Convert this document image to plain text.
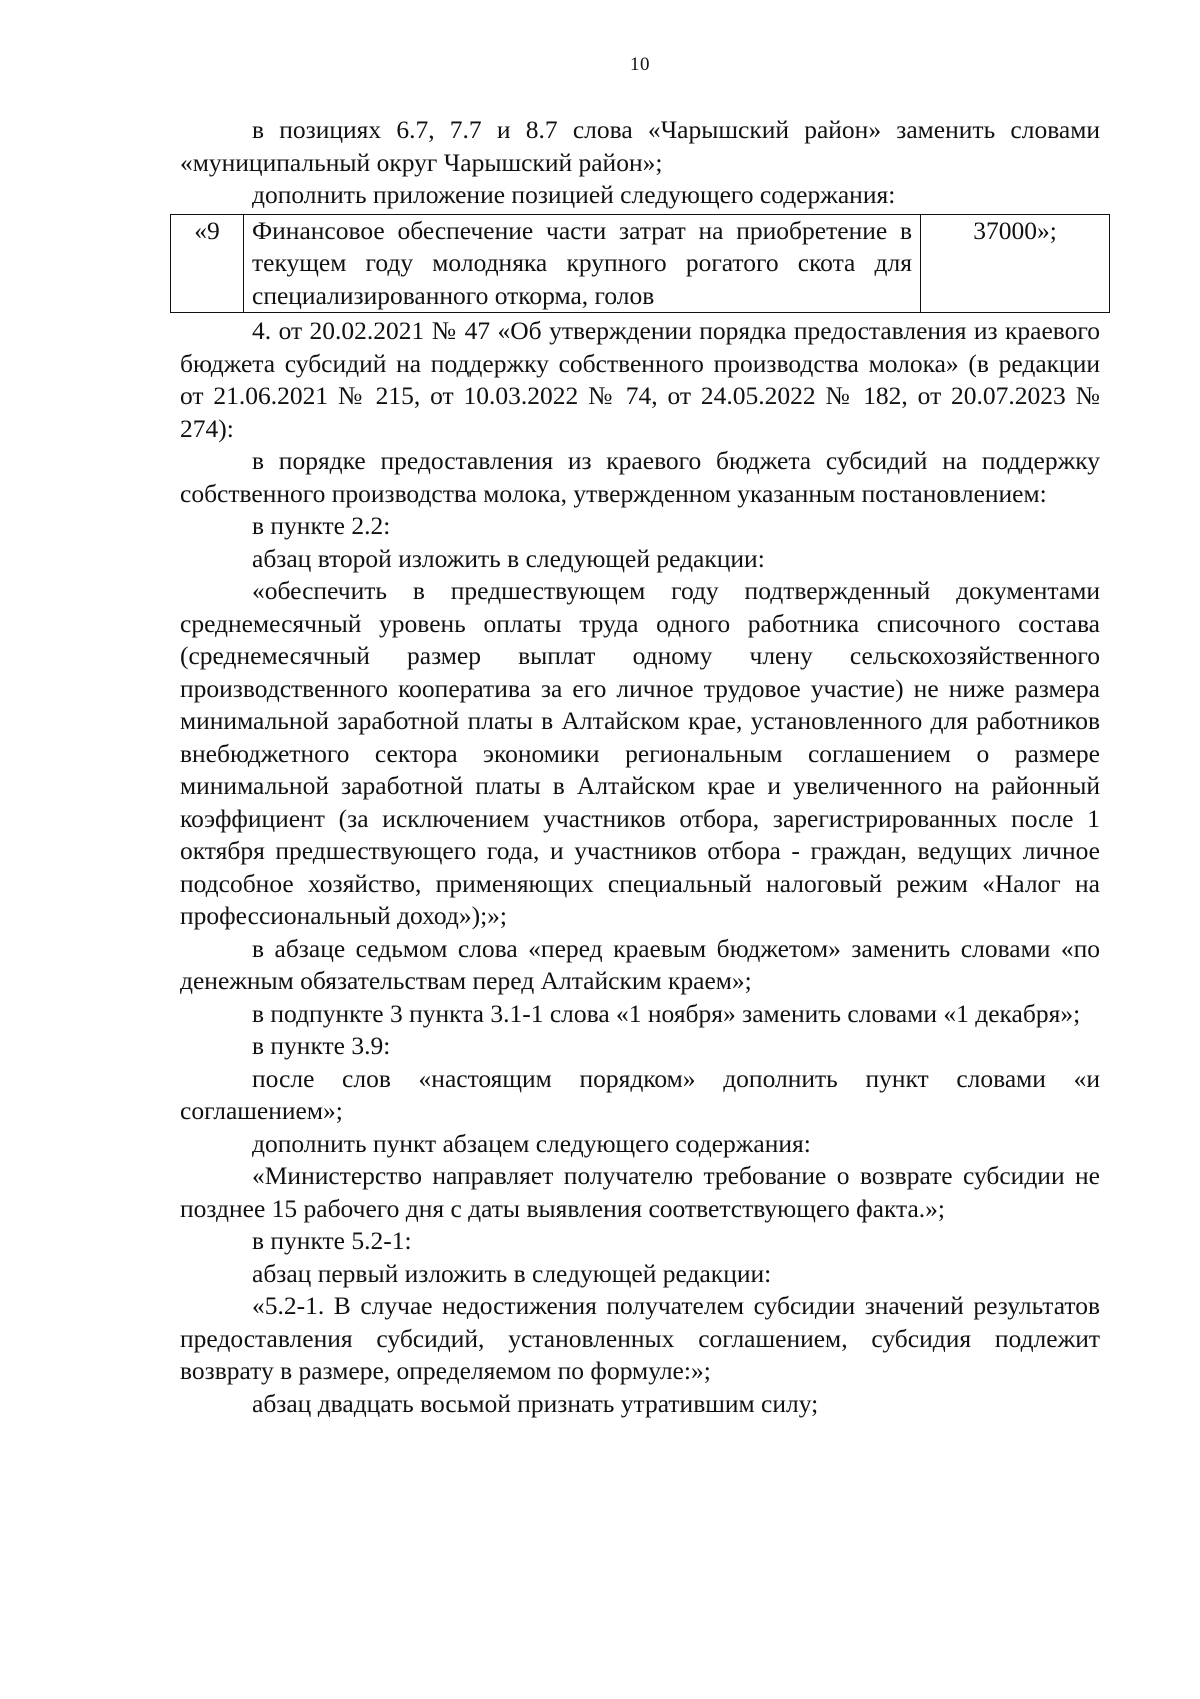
10

в позициях 6.7, 7.7 и 8.7 слова «Чарышский район» заменить словами «муниципальный округ Чарышский район»;

дополнить приложение позицией следующего содержания:

«9	Финансовое обеспечение части затрат на приобретение в текущем году молодняка крупного рогатого скота для специализированного откорма, голов	37000»;

4. от 20.02.2021 № 47 «Об утверждении порядка предоставления из краевого бюджета субсидий на поддержку собственного производства молока» (в редакции от 21.06.2021 № 215, от 10.03.2022 № 74, от 24.05.2022 № 182, от 20.07.2023 № 274):

в порядке предоставления из краевого бюджета субсидий на поддержку собственного производства молока, утвержденном указанным постановлением:

в пункте 2.2:

абзац второй изложить в следующей редакции:

«обеспечить в предшествующем году подтвержденный документами среднемесячный уровень оплаты труда одного работника списочного состава (среднемесячный размер выплат одному члену сельскохозяйственного производственного кооператива за его личное трудовое участие) не ниже размера минимальной заработной платы в Алтайском крае, установленного для работников внебюджетного сектора экономики региональным соглашением о размере минимальной заработной платы в Алтайском крае и увеличенного на районный коэффициент (за исключением участников отбора, зарегистрированных после 1 октября предшествующего года, и участников отбора - граждан, ведущих личное подсобное хозяйство, применяющих специальный налоговый режим «Налог на профессиональный доход»);»;

в абзаце седьмом слова «перед краевым бюджетом» заменить словами «по денежным обязательствам перед Алтайским краем»;

в подпункте 3 пункта 3.1-1 слова «1 ноября» заменить словами «1 декабря»;

в пункте 3.9:

после слов «настоящим порядком» дополнить пункт словами «и соглашением»;

дополнить пункт абзацем следующего содержания:

«Министерство направляет получателю требование о возврате субсидии не позднее 15 рабочего дня с даты выявления соответствующего факта.»;

в пункте 5.2-1:

абзац первый изложить в следующей редакции:

«5.2-1. В случае недостижения получателем субсидии значений результатов предоставления субсидий, установленных соглашением, субсидия подлежит возврату в размере, определяемом по формуле:»;

абзац двадцать восьмой признать утратившим силу;
